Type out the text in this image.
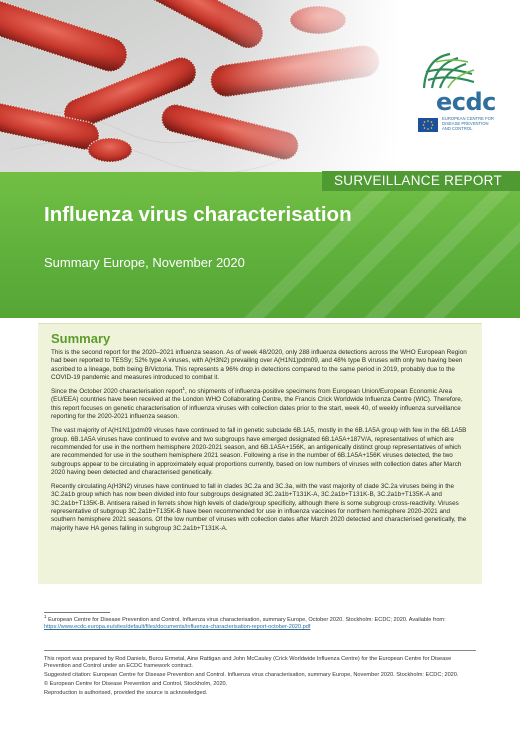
ecdc
EUROPEAN CENTRE FOR
DISEASE PREVENTION
AND CONTROL
SURVEILLANCE REPORT
Influenza virus characterisation

Summary Europe, November 2020

Summary

This is the second report for the 2020–2021 influenza season. As of week 48/2020, only 288 influenza detections across the WHO European Region had been reported to TESSy; 52% type A viruses, with A(H3N2) prevailing over A(H1N1)pdm09, and 48% type B viruses with only two having been ascribed to a lineage, both being B/Victoria. This represents a 96% drop in detections compared to the same period in 2019, probably due to the COVID-19 pandemic and measures introduced to combat it.

Since the October 2020 characterisation report$^1$, no shipments of influenza-positive specimens from European Union/European Economic Area (EU/EEA) countries have been received at the London WHO Collaborating Centre, the Francis Crick Worldwide Influenza Centre (WIC). Therefore, this report focuses on genetic characterisation of influenza viruses with collection dates prior to the start, week 40, of weekly influenza surveillance reporting for the 2020-2021 influenza season.

The vast majority of A(H1N1)pdm09 viruses have continued to fall in genetic subclade 6B.1A5, mostly in the 6B.1A5A group with few in the 6B.1A5B group. 6B.1A5A viruses have continued to evolve and two subgroups have emerged designated 6B.1A5A+187V/A, representatives of which are recommended for use in the northern hemisphere 2020-2021 season, and 6B.1A5A+156K, an antigenically distinct group representatives of which are recommended for use in the southern hemisphere 2021 season. Following a rise in the number of 6B.1A5A+156K viruses detected, the two subgroups appear to be circulating in approximately equal proportions currently, based on low numbers of viruses with collection dates after March 2020 having been detected and characterised genetically.

Recently circulating A(H3N2) viruses have continued to fall in clades 3C.2a and 3C.3a, with the vast majority of clade 3C.2a viruses being in the 3C.2a1b group which has now been divided into four subgroups designated 3C.2a1b+T131K-A, 3C.2a1b+T131K-B, 3C.2a1b+T135K-A and 3C.2a1b+T135K-B. Antisera raised in ferrets show high levels of clade/group specificity, although there is some subgroup cross-reactivity. Viruses representative of subgroup 3C.2a1b+T135K-B have been recommended for use in influenza vaccines for northern hemisphere 2020-2021 and southern hemisphere 2021 seasons. Of the low number of viruses with collection dates after March 2020 detected and characterised genetically, the majority have HA genes falling in subgroup 3C.2a1b+T131K-A.

$^1$ European Centre for Disease Prevention and Control. Influenza virus characterisation, summary Europe, October 2020. Stockholm: ECDC; 2020. Available from: https://www.ecdc.europa.eu/sites/default/files/documents/influenza-characterisation-report-october-2020.pdf

This report was prepared by Rod Daniels, Burcu Ermetal, Aine Rattigan and John McCauley (Crick Worldwide Influenza Centre) for the European Centre for Disease Prevention and Control under an ECDC framework contract.

Suggested citation: European Centre for Disease Prevention and Control. Influenza virus characterisation, summary Europe, November 2020. Stockholm: ECDC; 2020.

© European Centre for Disease Prevention and Control, Stockholm, 2020.

Reproduction is authorised, provided the source is acknowledged.
